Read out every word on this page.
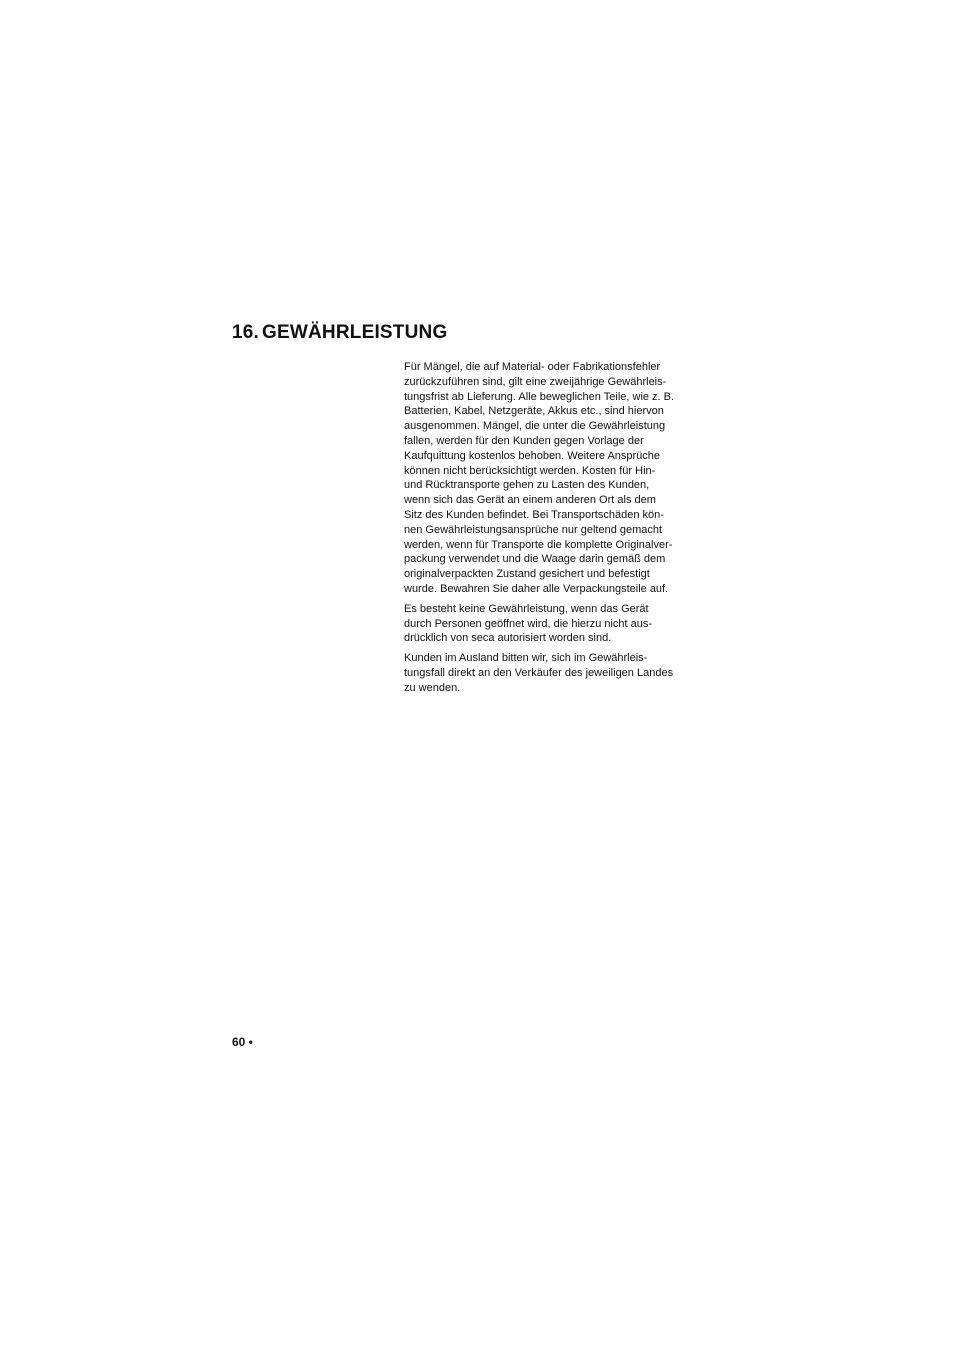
16. GEWÄHRLEISTUNG

Für Mängel, die auf Material- oder Fabrikationsfehler
zurückzuführen sind, gilt eine zweijährige Gewährleis-
tungsfrist ab Lieferung. Alle beweglichen Teile, wie z. B.
Batterien, Kabel, Netzgeräte, Akkus etc., sind hiervon
ausgenommen. Mängel, die unter die Gewährleistung
fallen, werden für den Kunden gegen Vorlage der
Kaufquittung kostenlos behoben. Weitere Ansprüche
können nicht berücksichtigt werden. Kosten für Hin-
und Rücktransporte gehen zu Lasten des Kunden,
wenn sich das Gerät an einem anderen Ort als dem
Sitz des Kunden befindet. Bei Transportschäden kön-
nen Gewährleistungsansprüche nur geltend gemacht
werden, wenn für Transporte die komplette Originalver-
packung verwendet und die Waage darin gemäß dem
originalverpackten Zustand gesichert und befestigt
wurde. Bewahren Sie daher alle Verpackungsteile auf.

Es besteht keine Gewährleistung, wenn das Gerät
durch Personen geöffnet wird, die hierzu nicht aus-
drücklich von seca autorisiert worden sind.

Kunden im Ausland bitten wir, sich im Gewährleis-
tungsfall direkt an den Verkäufer des jeweiligen Landes
zu wenden.

60 •
